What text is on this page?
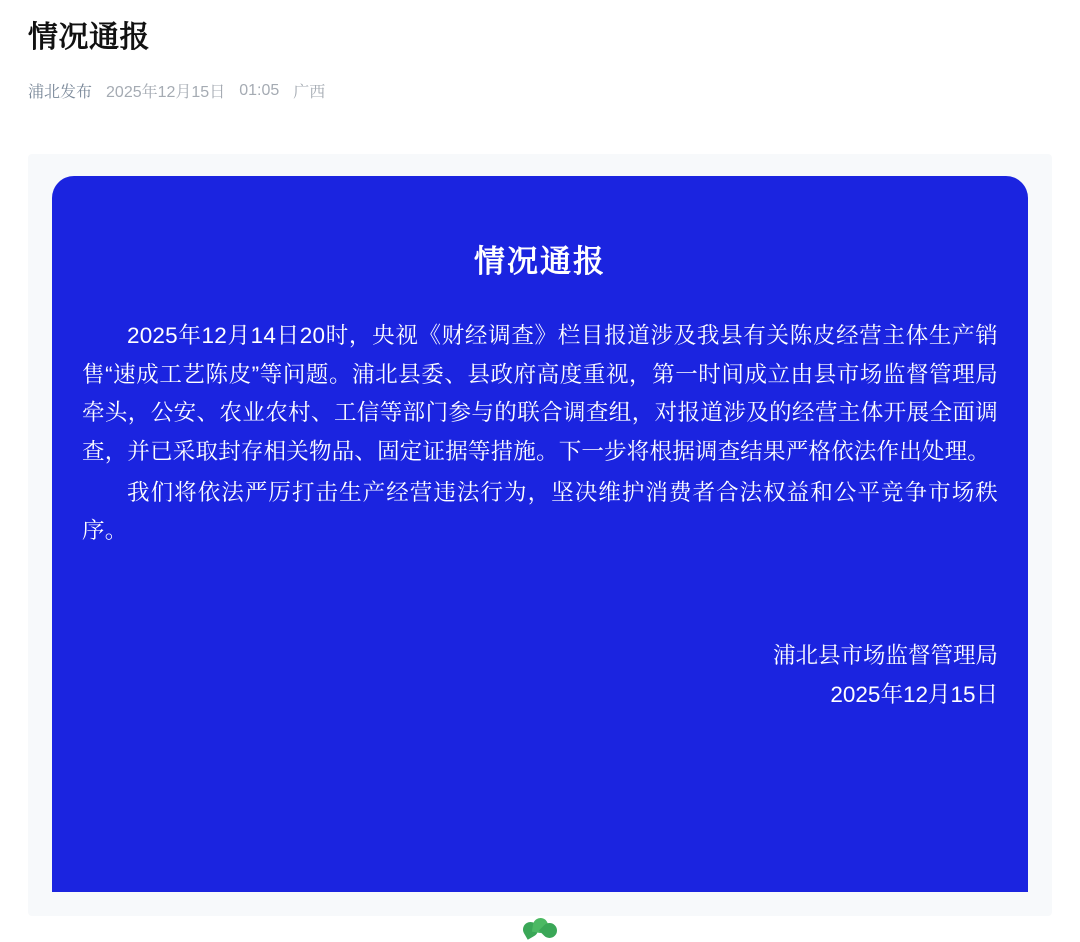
情况通报
浦北发布 2025年12月15日 01:05 广西
情况通报

2025年12月14日20时，央视《财经调查》栏目报道涉及我县有关陈皮经营主体生产销售“速成工艺陈皮”等问题。浦北县委、县政府高度重视，第一时间成立由县市场监督管理局牵头，公安、农业农村、工信等部门参与的联合调查组，对报道涉及的经营主体开展全面调查，并已采取封存相关物品、固定证据等措施。下一步将根据调查结果严格依法作出处理。

我们将依法严厉打击生产经营违法行为，坚决维护消费者合法权益和公平竞争市场秩序。

浦北县市场监督管理局
2025年12月15日
